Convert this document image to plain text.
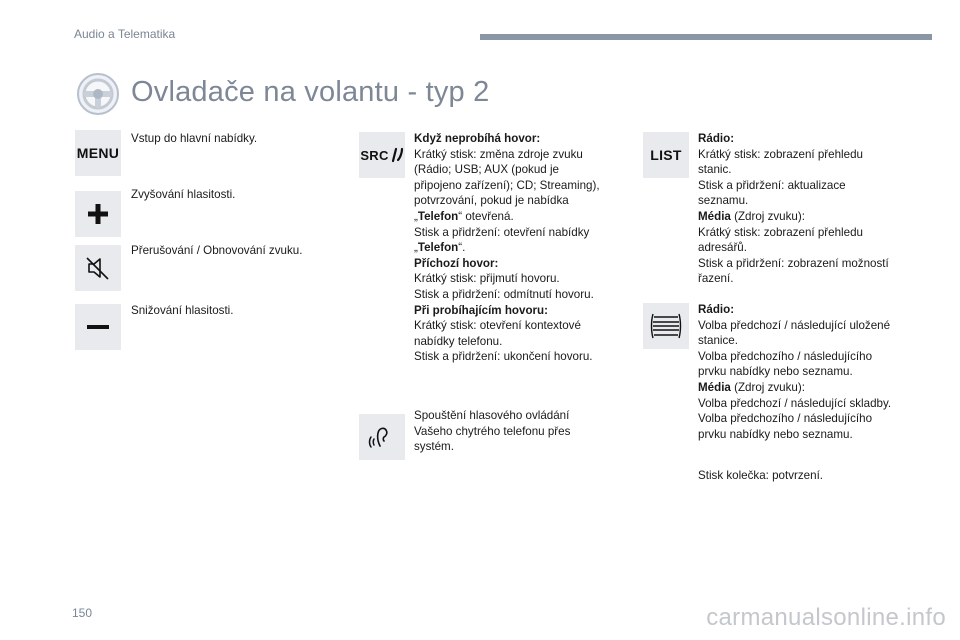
Audio a Telematika
Ovladače na volantu - typ 2
MENU
Vstup do hlavní nabídky.
Zvyšování hlasitosti.
Přerušování / Obnovování zvuku.
Snižování hlasitosti.
SRC
Když neprobíhá hovor:
Krátký stisk: změna zdroje zvuku
(Rádio; USB; AUX (pokud je
připojeno zařízení); CD; Streaming),
potvrzování, pokud je nabídka
„Telefon“ otevřená.
Stisk a přidržení: otevření nabídky
„Telefon“.
Příchozí hovor:
Krátký stisk: přijmutí hovoru.
Stisk a přidržení: odmítnutí hovoru.
Při probíhajícím hovoru:
Krátký stisk: otevření kontextové
nabídky telefonu.
Stisk a přidržení: ukončení hovoru.
Spouštění hlasového ovládání
Vašeho chytrého telefonu přes
systém.
LIST
Rádio:
Krátký stisk: zobrazení přehledu
stanic.
Stisk a přidržení: aktualizace
seznamu.
Média (Zdroj zvuku):
Krátký stisk: zobrazení přehledu
adresářů.
Stisk a přidržení: zobrazení možností
řazení.
Rádio:
Volba předchozí / následující uložené
stanice.
Volba předchozího / následujícího
prvku nabídky nebo seznamu.
Média (Zdroj zvuku):
Volba předchozí / následující skladby.
Volba předchozího / následujícího
prvku nabídky nebo seznamu.
Stisk kolečka: potvrzení.
150	carmanualsonline.info
